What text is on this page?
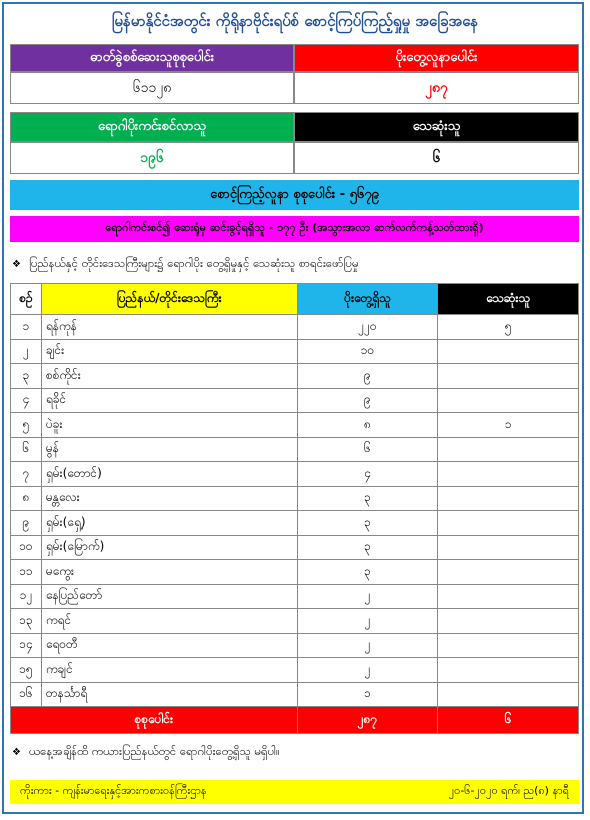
မြန်မာနိုင်ငံအတွင်း ကိုရိုနာဗိုင်းရပ်စ် စောင့်ကြပ်ကြည့်ရှုမှု အခြေအနေ
ဓာတ်ခွဲစစ်ဆေးသူစုစုပေါင်း	ပိုးတွေ့လူနာပေါင်း
၆၁၁၂၈	၂၈၇
ရောဂါပိုးကင်းစင်လာသူ	သေဆုံးသူ
၁၉၆	၆
စောင့်ကြည့်လူနာ စုစုပေါင်း - ၅၆၇၉
ရောဂါကင်းစင်၍ ဆေးရုံမှ ဆင်းခွင့်ရရှိသူ - ၁၇၇ ဦး (အသွားအလာ ဆက်လက်ကန့်သတ်ထားရှိ)
❖ ပြည်နယ်နှင့် တိုင်းဒေသကြီးများ၌ ရောဂါပိုး တွေ့ရှိမှုနှင့် သေဆုံးသူ စာရင်းဖော်ပြမှု
စဉ်	ပြည်နယ်/တိုင်းဒေသကြီး	ပိုးတွေ့ရှိသူ	သေဆုံးသူ
၁	ရန်ကုန်	၂၂၀	၅
၂	ချင်း	၁၀	
၃	စစ်ကိုင်း	၉	
၄	ရခိုင်	၉	
၅	ပဲခူး	၈	၁
၆	မွန်	၆	
၇	ရှမ်း(တောင်)	၄	
၈	မန္တလေး	၃	
၉	ရှမ်း(ရှေ့)	၃	
၁၀	ရှမ်း(မြောက်)	၃	
၁၁	မကွေး	၃	
၁၂	နေပြည်တော်	၂	
၁၃	ကရင်	၂	
၁၄	ရေ၀တီ	၂	
၁၅	ကချင်	၂	
၁၆	တနင်္သာရီ	၁	
စုစုပေါင်း		၂၈၇	၆
❖ ယနေ့အချိန်ထိ ကယားပြည်နယ်တွင် ရောဂါပိုးတွေ့ရှိသူ မရှိပါ။
ကိုးကား - ကျန်းမာရေးနှင့်အားကစားဝန်ကြီးဌာန	၂၀-၆-၂၀၂၀ ရက်၊ ည(၈) နာရီ
